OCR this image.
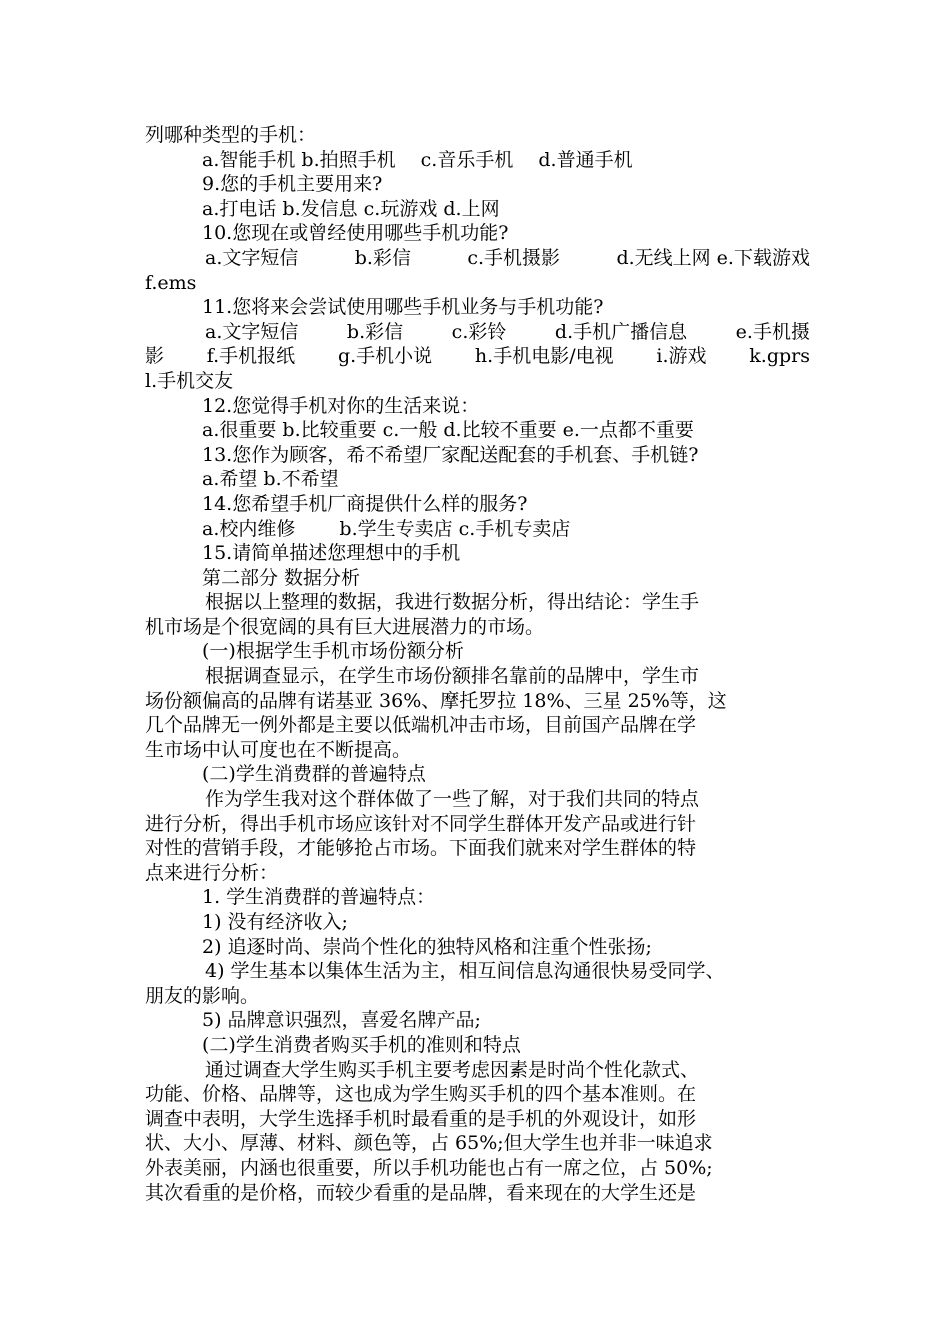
列哪种类型的手机：
a.智能手机 b.拍照手机　 c.音乐手机　 d.普通手机
9.您的手机主要用来?
a.打电话 b.发信息 c.玩游戏 d.上网
10.您现在或曾经使用哪些手机功能?
a.文字短信	b.彩信	c.手机摄影	d.无线上网 e.下载游戏
f.ems
11.您将来会尝试使用哪些手机业务与手机功能?
a.文字短信	b.彩信	c.彩铃	d.手机广播信息	e.手机摄
影 f.手机报纸 g.手机小说 h.手机电影/电视 i.游戏 k.gprs
l.手机交友
12.您觉得手机对你的生活来说：
a.很重要 b.比较重要 c.一般 d.比较不重要 e.一点都不重要
13.您作为顾客，希不希望厂家配送配套的手机套、手机链?
a.希望 b.不希望
14.您希望手机厂商提供什么样的服务?
a.校内维修　　 b.学生专卖店 c.手机专卖店
15.请简单描述您理想中的手机
第二部分 数据分析
根据以上整理的数据，我进行数据分析，得出结论：学生手
机市场是个很宽阔的具有巨大进展潜力的市场。
(一)根据学生手机市场份额分析
根据调查显示，在学生市场份额排名靠前的品牌中，学生市
场份额偏高的品牌有诺基亚 36%、摩托罗拉 18%、三星 25%等，这
几个品牌无一例外都是主要以低端机冲击市场，目前国产品牌在学
生市场中认可度也在不断提高。
(二)学生消费群的普遍特点
作为学生我对这个群体做了一些了解，对于我们共同的特点
进行分析，得出手机市场应该针对不同学生群体开发产品或进行针
对性的营销手段，才能够抢占市场。下面我们就来对学生群体的特
点来进行分析：
1. 学生消费群的普遍特点：
1) 没有经济收入;
2) 追逐时尚、崇尚个性化的独特风格和注重个性张扬;
4) 学生基本以集体生活为主，相互间信息沟通很快易受同学、
朋友的影响。
5) 品牌意识强烈，喜爱名牌产品;
(二)学生消费者购买手机的准则和特点
通过调查大学生购买手机主要考虑因素是时尚个性化款式、
功能、价格、品牌等，这也成为学生购买手机的四个基本准则。在
调查中表明，大学生选择手机时最看重的是手机的外观设计，如形
状、大小、厚薄、材料、颜色等，占 65%;但大学生也并非一味追求
外表美丽，内涵也很重要，所以手机功能也占有一席之位，占 50%;
其次看重的是价格，而较少看重的是品牌，看来现在的大学生还是
